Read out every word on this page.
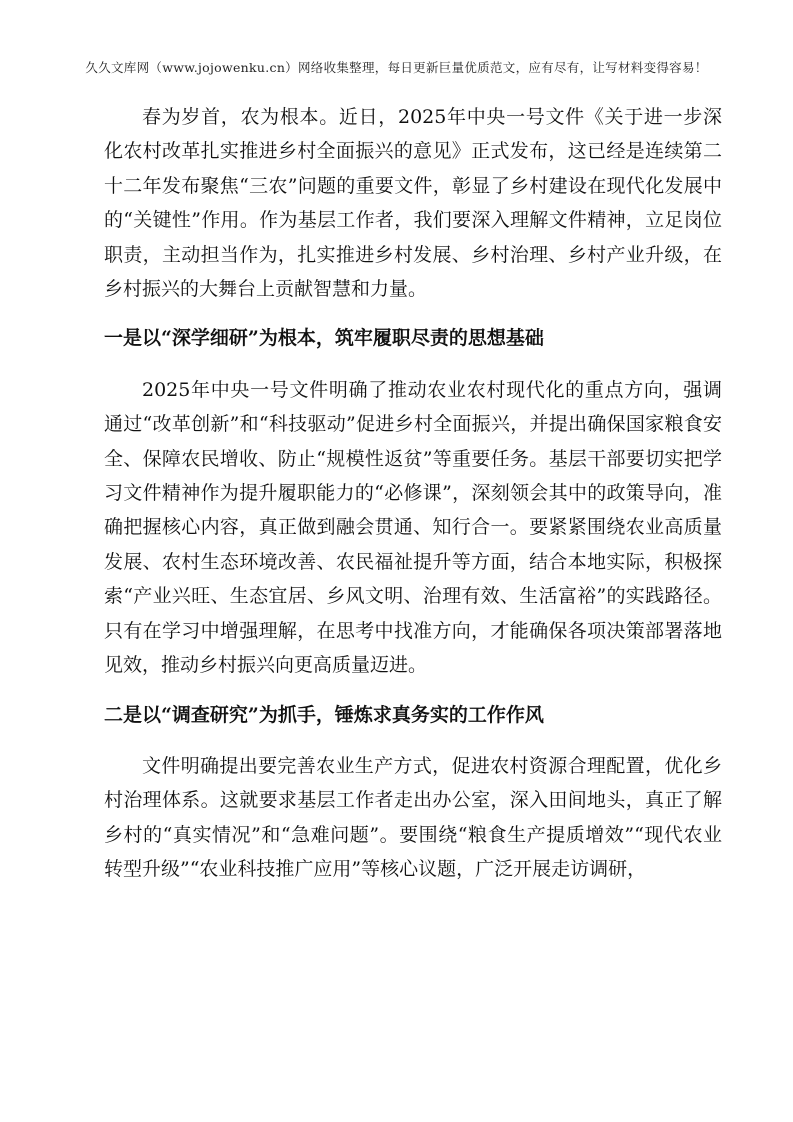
久久文库网（www.jojowenku.cn）网络收集整理，每日更新巨量优质范文，应有尽有，让写材料变得容易！

春为岁首，农为根本。近日，2025年中央一号文件《关于进一步深化农村改革扎实推进乡村全面振兴的意见》正式发布，这已经是连续第二十二年发布聚焦“三农”问题的重要文件，彰显了乡村建设在现代化发展中的“关键性”作用。作为基层工作者，我们要深入理解文件精神，立足岗位职责，主动担当作为，扎实推进乡村发展、乡村治理、乡村产业升级，在乡村振兴的大舞台上贡献智慧和力量。

一是以“深学细研”为根本，筑牢履职尽责的思想基础

2025年中央一号文件明确了推动农业农村现代化的重点方向，强调通过“改革创新”和“科技驱动”促进乡村全面振兴，并提出确保国家粮食安全、保障农民增收、防止“规模性返贫”等重要任务。基层干部要切实把学习文件精神作为提升履职能力的“必修课”，深刻领会其中的政策导向，准确把握核心内容，真正做到融会贯通、知行合一。要紧紧围绕农业高质量发展、农村生态环境改善、农民福祉提升等方面，结合本地实际，积极探索“产业兴旺、生态宜居、乡风文明、治理有效、生活富裕”的实践路径。只有在学习中增强理解，在思考中找准方向，才能确保各项决策部署落地见效，推动乡村振兴向更高质量迈进。

二是以“调查研究”为抓手，锤炼求真务实的工作作风

文件明确提出要完善农业生产方式，促进农村资源合理配置，优化乡村治理体系。这就要求基层工作者走出办公室，深入田间地头，真正了解乡村的“真实情况”和“急难问题”。要围绕“粮食生产提质增效”“现代农业转型升级”“农业科技推广应用”等核心议题，广泛开展走访调研，
